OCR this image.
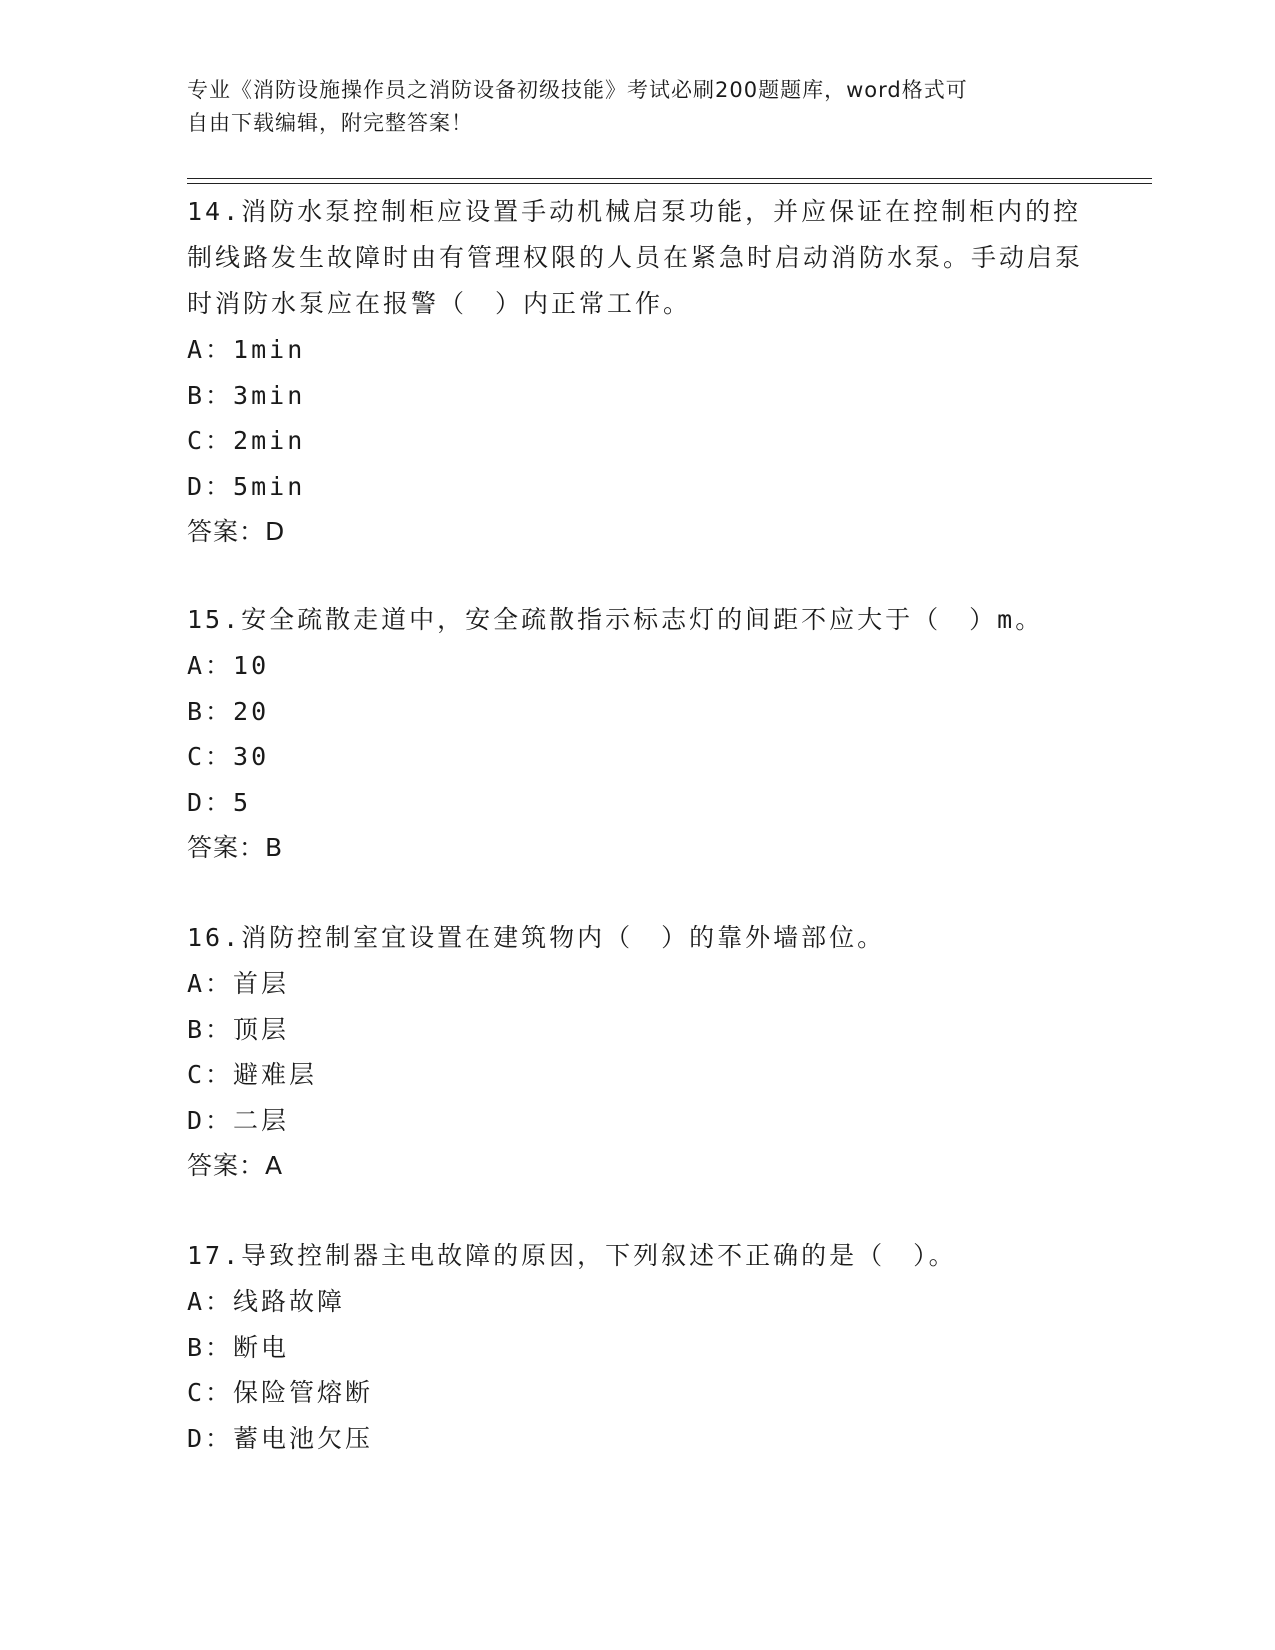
专业《消防设施操作员之消防设备初级技能》考试必刷200题题库，word格式可
自由下载编辑，附完整答案！
14.消防水泵控制柜应设置手动机械启泵功能，并应保证在控制柜内的控制线路发生故障时由有管理权限的人员在紧急时启动消防水泵。手动启泵时消防水泵应在报警（　）内正常工作。
A：1min
B：3min
C：2min
D：5min
答案：D
15.安全疏散走道中，安全疏散指示标志灯的间距不应大于（　）m。
A：10
B：20
C：30
D：5
答案：B
16.消防控制室宜设置在建筑物内（　）的靠外墙部位。
A：首层
B：顶层
C：避难层
D：二层
答案：A
17.导致控制器主电故障的原因，下列叙述不正确的是（　）。
A：线路故障
B：断电
C：保险管熔断
D：蓄电池欠压
